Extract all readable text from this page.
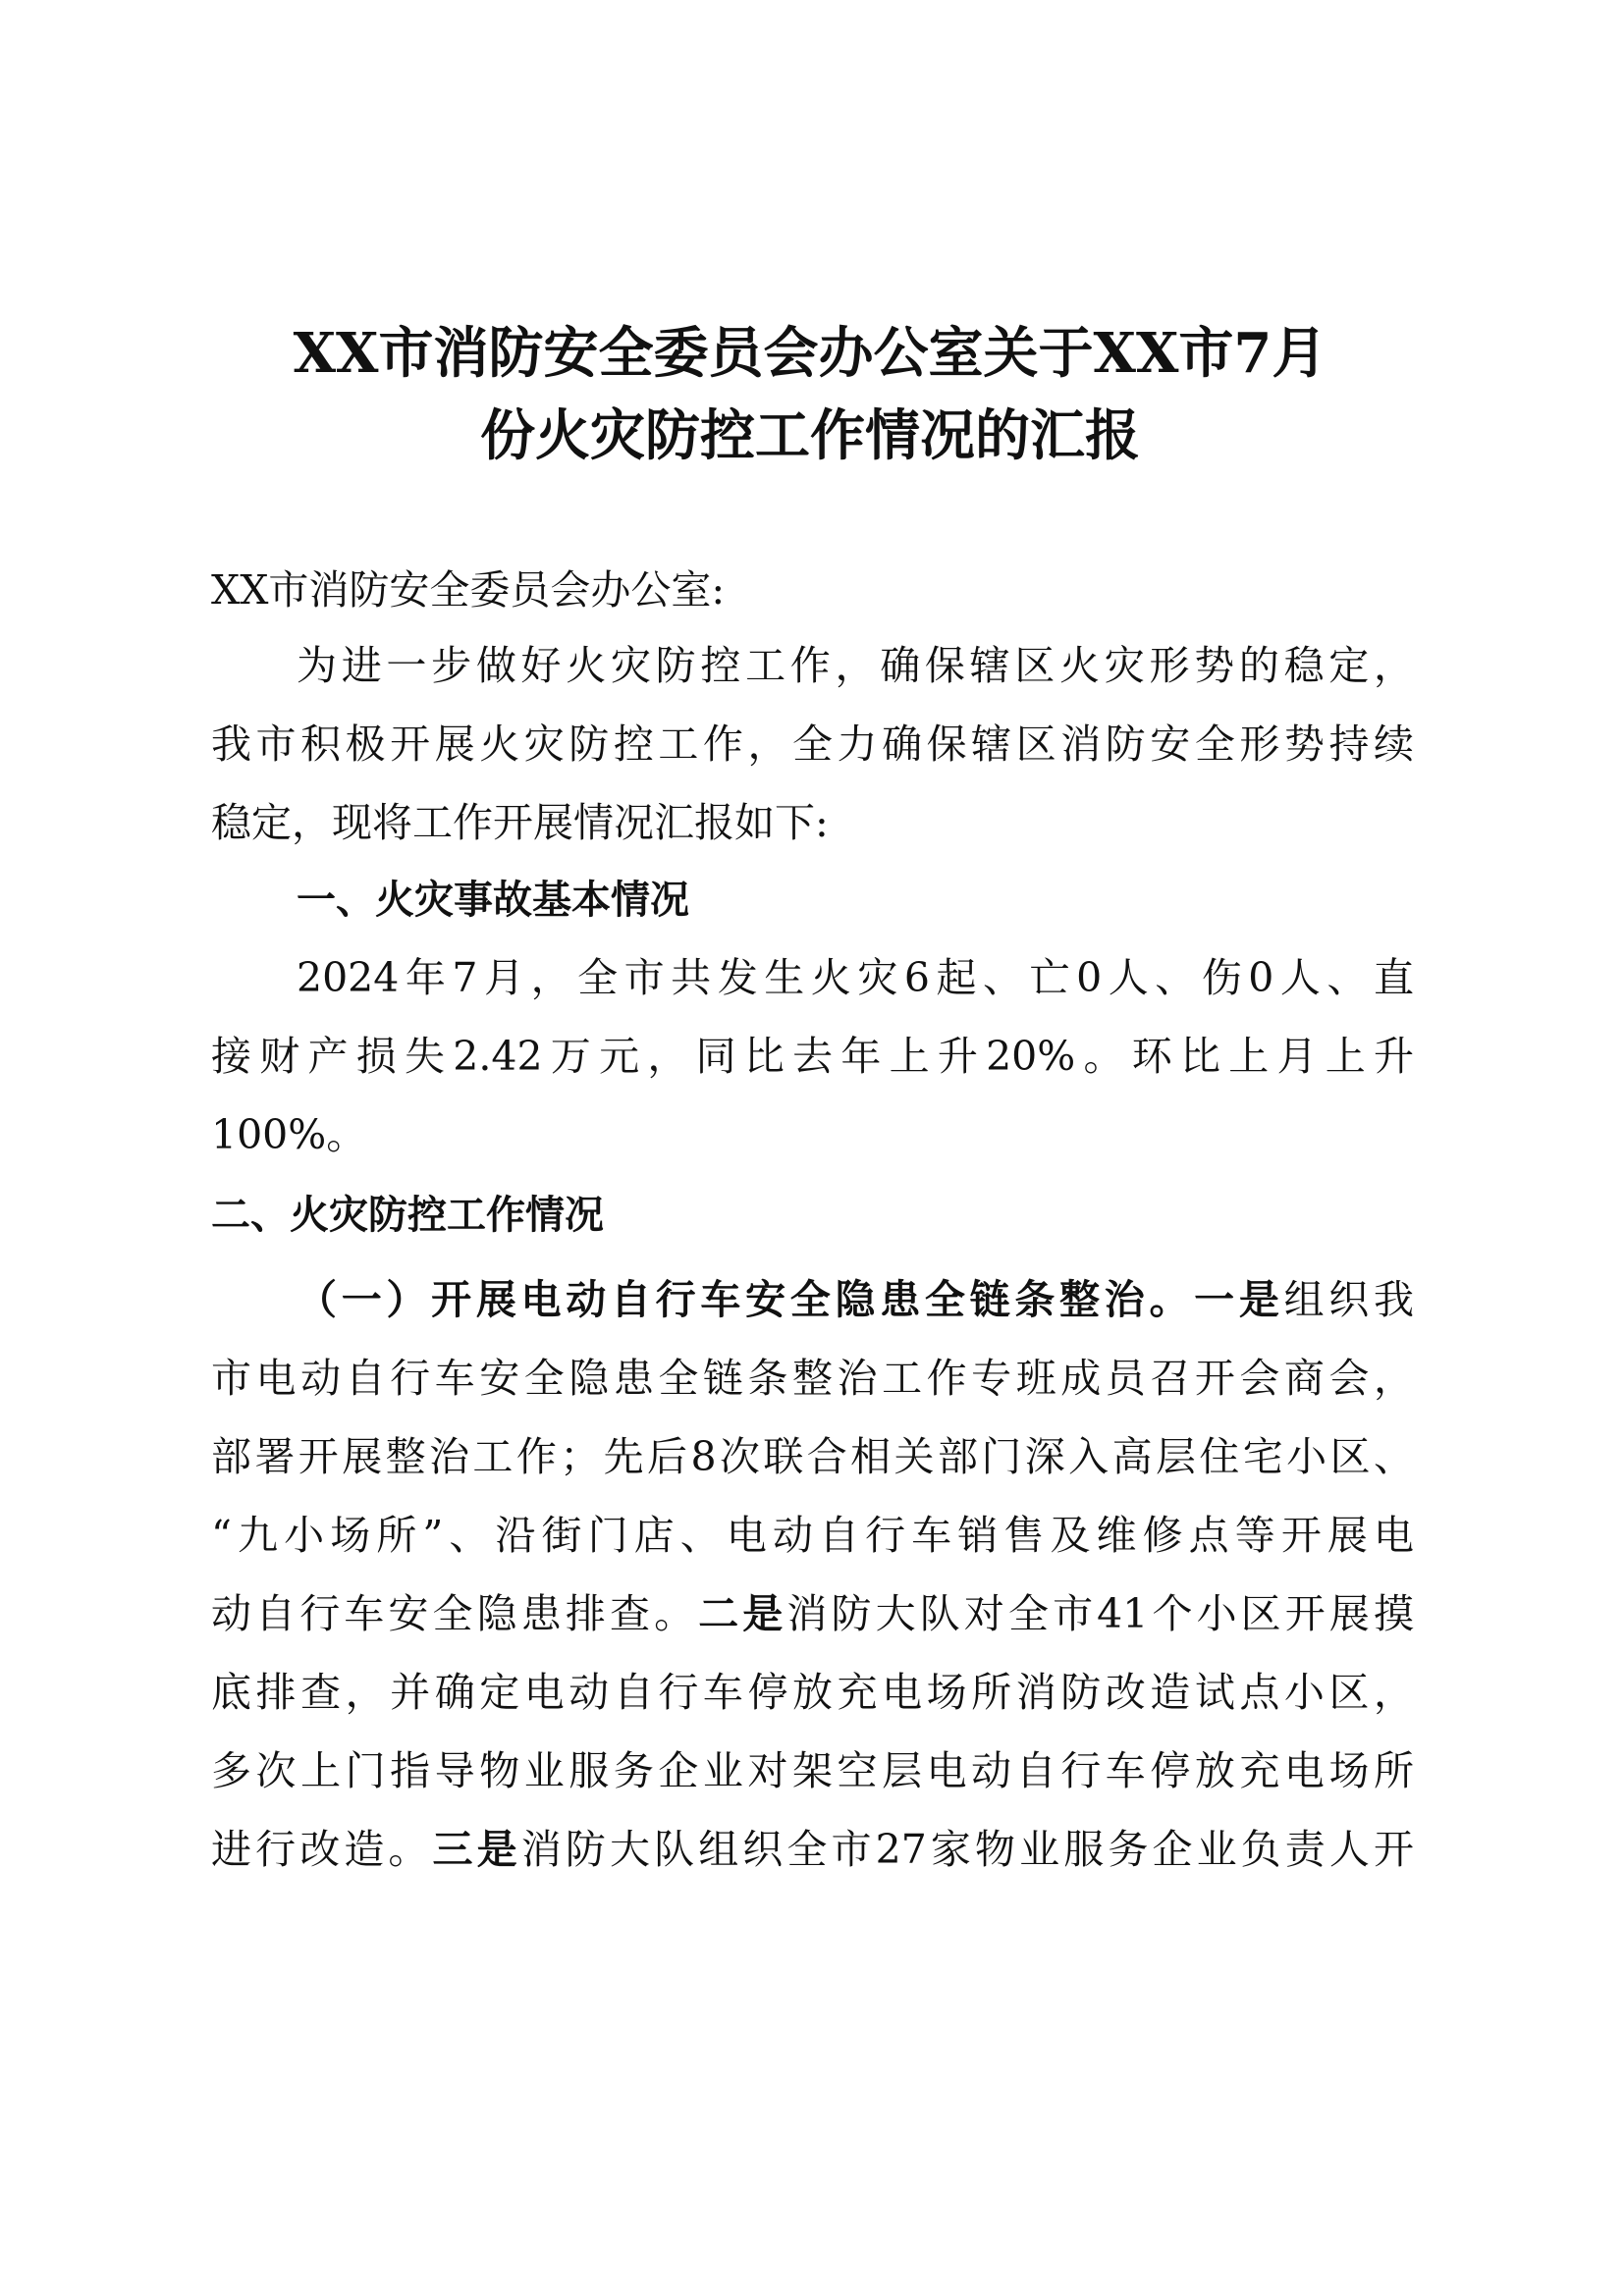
XX市消防安全委员会办公室关于XX市7月
份火灾防控工作情况的汇报

XX市消防安全委员会办公室:

为进一步做好火灾防控工作，确保辖区火灾形势的稳定，

我市积极开展火灾防控工作，全力确保辖区消防安全形势持续

稳定，现将工作开展情况汇报如下:

一、火灾事故基本情况

2024年7月，全市共发生火灾6起、亡0人、伤0人、直

接财产损失2.42万元，同比去年上升20%。环比上月上升

100%。

二、火灾防控工作情况

（一）开展电动自行车安全隐患全链条整治。一是组织我

市电动自行车安全隐患全链条整治工作专班成员召开会商会，

部署开展整治工作；先后8次联合相关部门深入高层住宅小区、

“九小场所”、沿街门店、电动自行车销售及维修点等开展电

动自行车安全隐患排查。二是消防大队对全市41个小区开展摸

底排查，并确定电动自行车停放充电场所消防改造试点小区，

多次上门指导物业服务企业对架空层电动自行车停放充电场所

进行改造。三是消防大队组织全市27家物业服务企业负责人开
